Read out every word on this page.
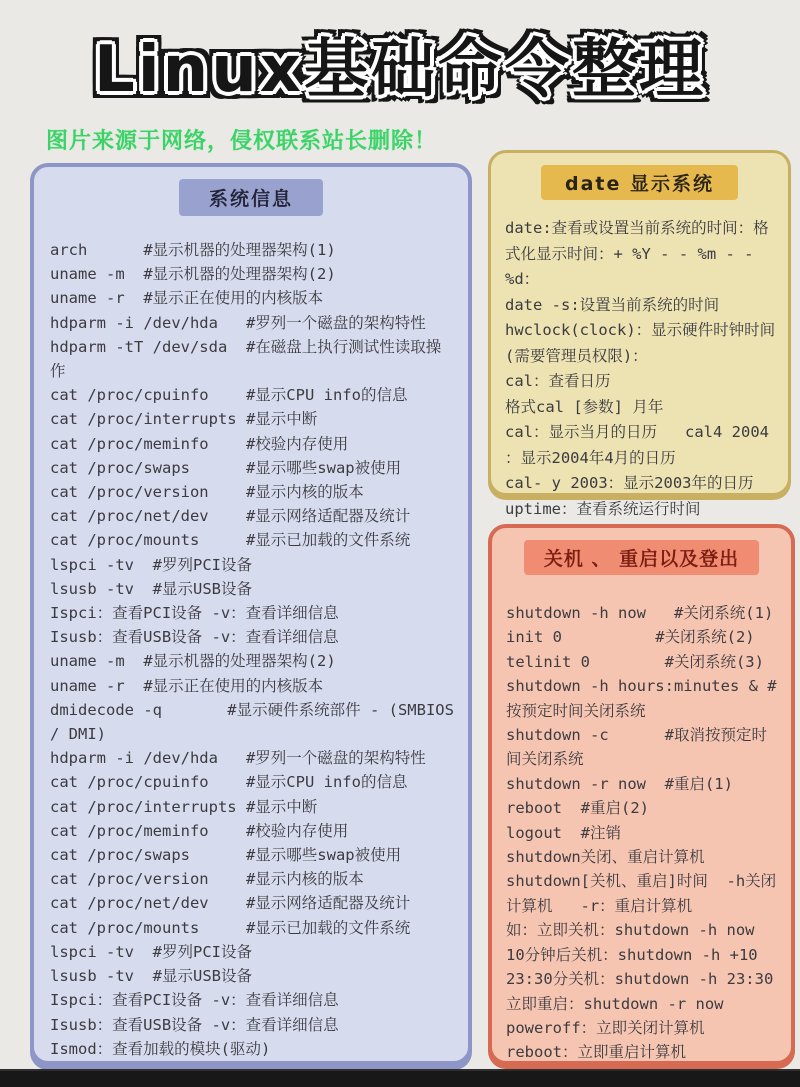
Linux基础命令整理
图片来源于网络，侵权联系站长删除！
系统信息
arch      #显示机器的处理器架构(1)
uname -m  #显示机器的处理器架构(2)
uname -r  #显示正在使用的内核版本
hdparm -i /dev/hda   #罗列一个磁盘的架构特性
hdparm -tT /dev/sda  #在磁盘上执行测试性读取操作
cat /proc/cpuinfo    #显示CPU info的信息
cat /proc/interrupts #显示中断
cat /proc/meminfo    #校验内存使用
cat /proc/swaps      #显示哪些swap被使用
cat /proc/version    #显示内核的版本
cat /proc/net/dev    #显示网络适配器及统计
cat /proc/mounts     #显示已加载的文件系统
lspci -tv  #罗列PCI设备
lsusb -tv  #显示USB设备
Ispci：查看PCI设备 -v：查看详细信息
Isusb：查看USB设备 -v：查看详细信息
uname -m  #显示机器的处理器架构(2)
uname -r  #显示正在使用的内核版本
dmidecode -q       #显示硬件系统部件 - (SMBIOS / DMI)
hdparm -i /dev/hda   #罗列一个磁盘的架构特性
cat /proc/cpuinfo    #显示CPU info的信息
cat /proc/interrupts #显示中断
cat /proc/meminfo    #校验内存使用
cat /proc/swaps      #显示哪些swap被使用
cat /proc/version    #显示内核的版本
cat /proc/net/dev    #显示网络适配器及统计
cat /proc/mounts     #显示已加载的文件系统
lspci -tv  #罗列PCI设备
lsusb -tv  #显示USB设备
Ispci：查看PCI设备 -v：查看详细信息
Isusb：查看USB设备 -v：查看详细信息
Ismod：查看加载的模块(驱动)
date 显示系统
date:查看或设置当前系统的时间：格式化显示时间：+ %Y - - %m - - %d：
date -s:设置当前系统的时间
hwclock(clock)：显示硬件时钟时间(需要管理员权限)：
cal：查看日历
格式cal [参数] 月年
cal：显示当月的日历   cal4 2004 ：显示2004年4月的日历
cal- y 2003：显示2003年的日历
uptime：查看系统运行时间
关机 、 重启以及登出
shutdown -h now   #关闭系统(1)
init 0          #关闭系统(2)
telinit 0        #关闭系统(3)
shutdown -h hours:minutes & #按预定时间关闭系统
shutdown -c      #取消按预定时间关闭系统
shutdown -r now  #重启(1)
reboot  #重启(2)
logout  #注销
shutdown关闭、重启计算机
shutdown[关机、重启]时间  -h关闭计算机   -r：重启计算机
如：立即关机：shutdown -h now
10分钟后关机：shutdown -h +10
23:30分关机：shutdown -h 23:30
立即重启：shutdown -r now
poweroff：立即关闭计算机
reboot：立即重启计算机
